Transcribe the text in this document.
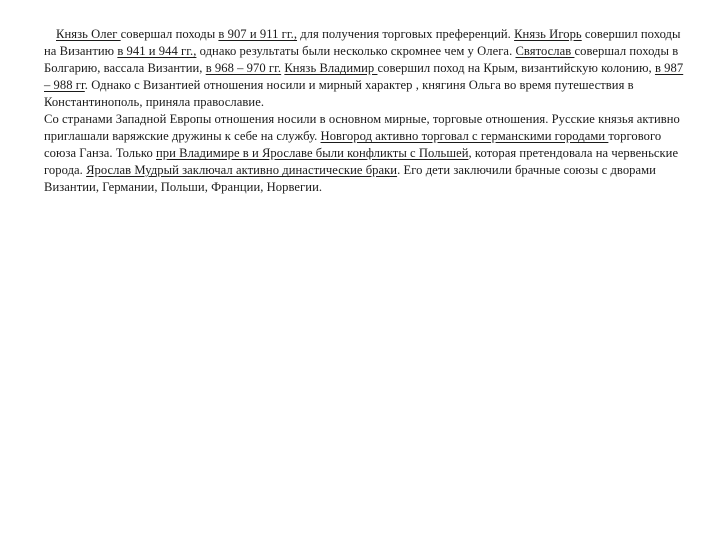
Князь Олег совершал походы в 907 и 911 гг., для получения торговых преференций. Князь Игорь совершил походы на Византию в 941 и 944 гг., однако результаты были несколько скромнее чем у Олега. Святослав совершал походы в Болгарию, вассала Византии, в 968 – 970 гг. Князь Владимир совершил поход на Крым, византийскую колонию, в 987 – 988 гг. Однако с Византией отношения носили и мирный характер , княгиня Ольга во время путешествия в Константинополь, приняла православие.

Со странами Западной Европы отношения носили в основном мирные, торговые отношения. Русские князья активно приглашали варяжские дружины к себе на службу. Новгород активно торговал с германскими городами торгового союза Ганза. Только при Владимире в и Ярославе были конфликты с Польшей, которая претендовала на червеньские города. Ярослав Мудрый заключал активно династические браки. Его дети заключили брачные союзы с дворами Византии, Германии, Польши, Франции, Норвегии.
